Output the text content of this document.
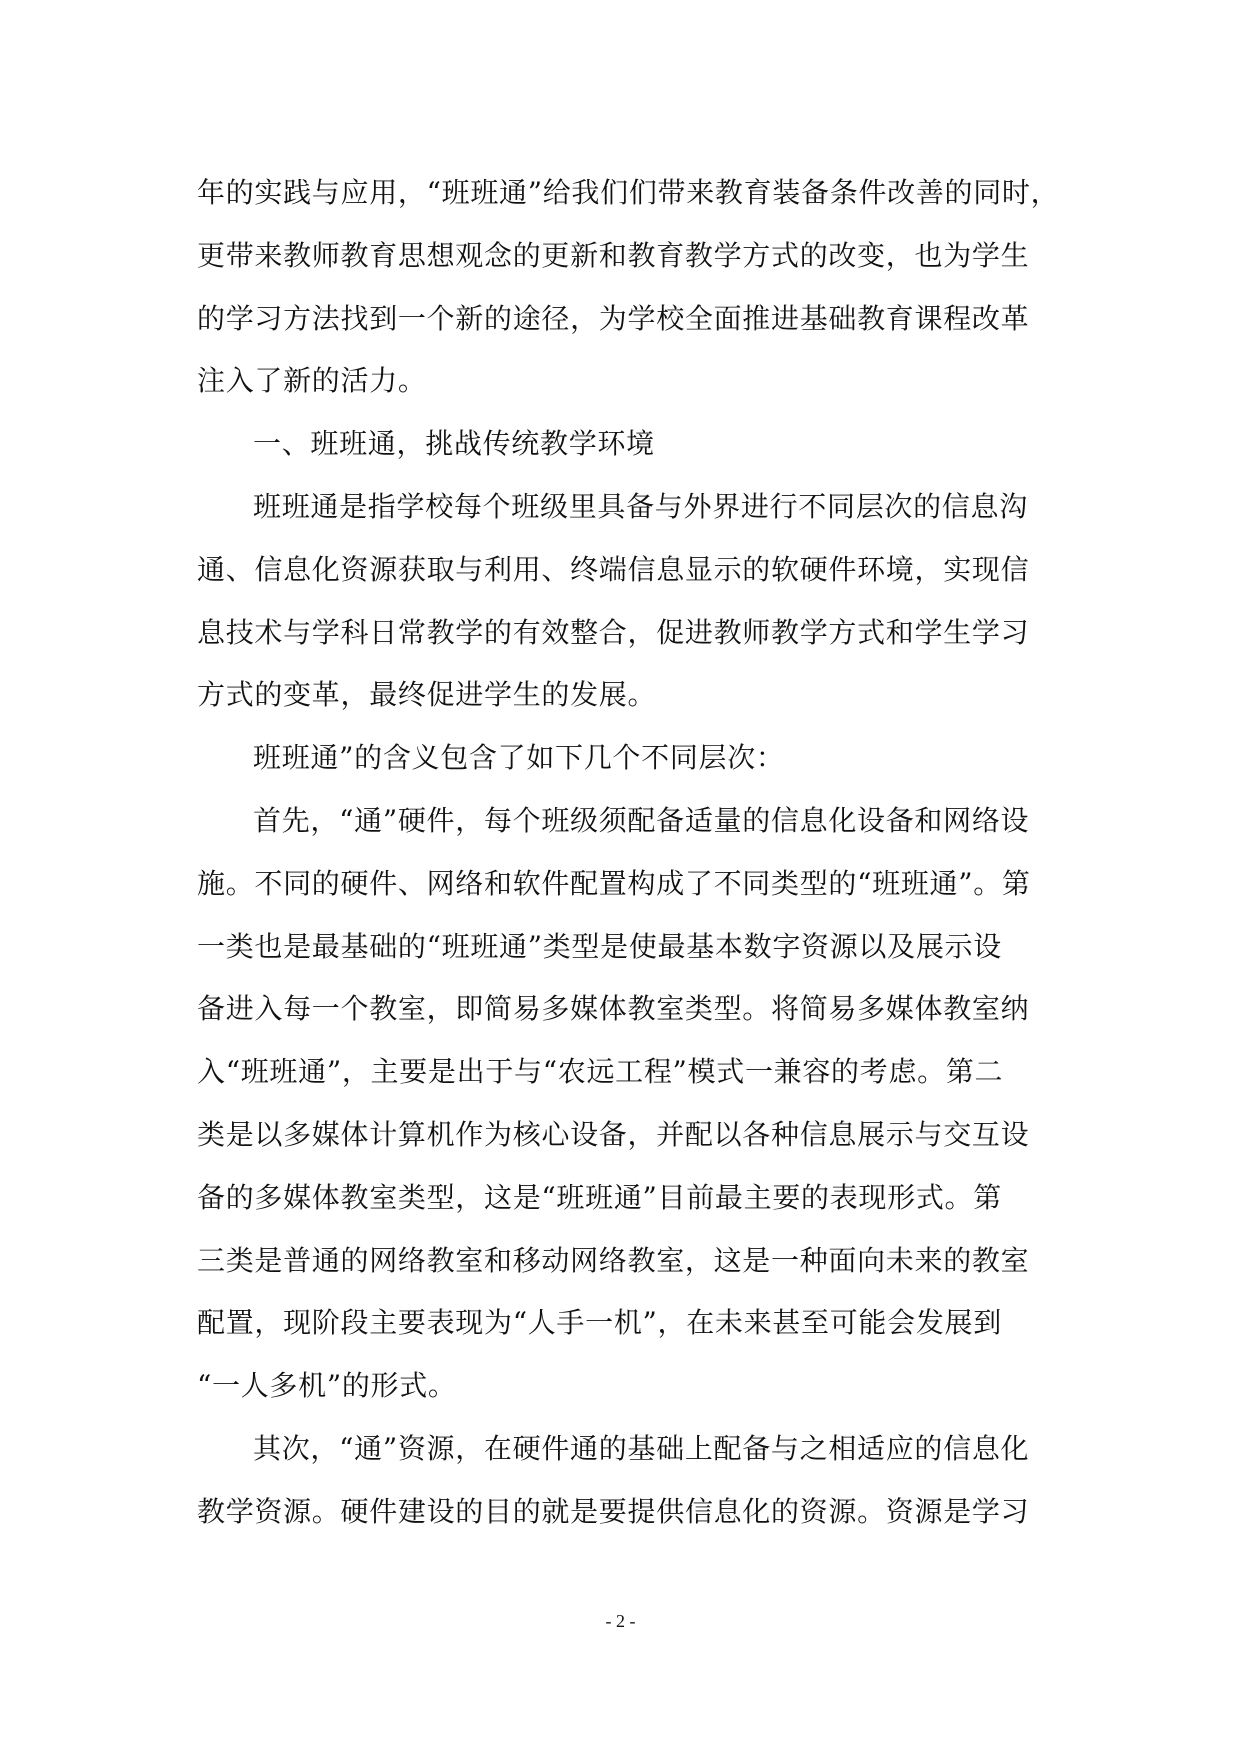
年的实践与应用，“班班通”给我们们带来教育装备条件改善的同时，
更带来教师教育思想观念的更新和教育教学方式的改变，也为学生
的学习方法找到一个新的途径，为学校全面推进基础教育课程改革
注入了新的活力。
一、班班通，挑战传统教学环境
班班通是指学校每个班级里具备与外界进行不同层次的信息沟
通、信息化资源获取与利用、终端信息显示的软硬件环境，实现信
息技术与学科日常教学的有效整合，促进教师教学方式和学生学习
方式的变革，最终促进学生的发展。
班班通”的含义包含了如下几个不同层次：
首先，“通”硬件，每个班级须配备适量的信息化设备和网络设
施。不同的硬件、网络和软件配置构成了不同类型的“班班通”。第
一类也是最基础的“班班通”类型是使最基本数字资源以及展示设
备进入每一个教室，即简易多媒体教室类型。将简易多媒体教室纳
入“班班通”，主要是出于与“农远工程”模式一兼容的考虑。第二
类是以多媒体计算机作为核心设备，并配以各种信息展示与交互设
备的多媒体教室类型，这是“班班通”目前最主要的表现形式。第
三类是普通的网络教室和移动网络教室，这是一种面向未来的教室
配置，现阶段主要表现为“人手一机”，在未来甚至可能会发展到
“一人多机”的形式。
其次，“通”资源，在硬件通的基础上配备与之相适应的信息化
教学资源。硬件建设的目的就是要提供信息化的资源。资源是学习
- 2 -
